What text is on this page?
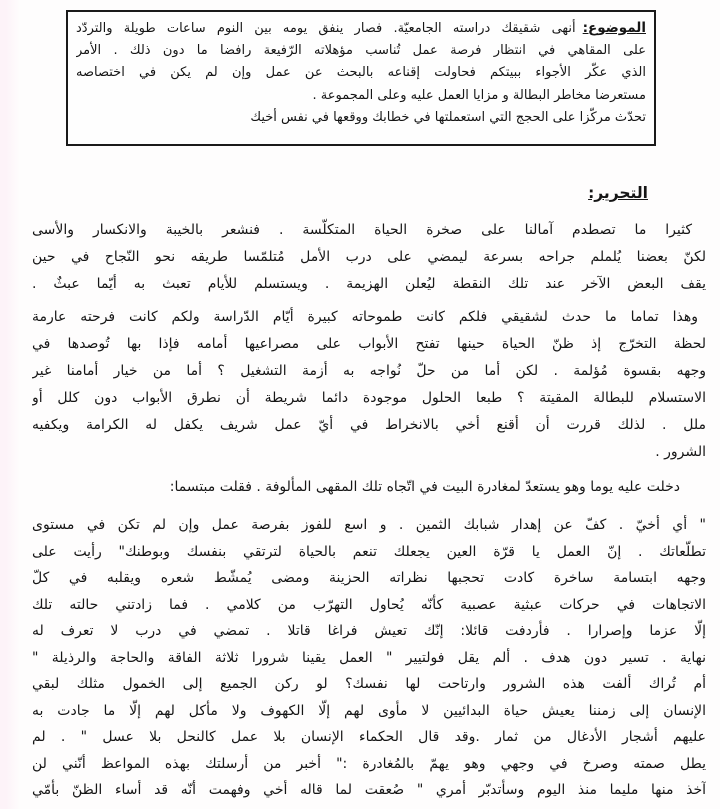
الموضوع:أنهى شقيقك دراسته الجامعيّة. فصار ينفق يومه بين النوم ساعات طويلة والتردّد
على المقاهي في انتظار فرصة عمل تُناسب مؤهلاته الرّفيعة رافضا ما دون ذلك . الأمر
الذي عكّر الأجواء ببيتكم فحاولت إقناعه بالبحث عن عمل وإن لم يكن في اختصاصه
مستعرضا مخاطر البطالة و مزايا العمل عليه وعلى المجموعة .
تحدّث مركّزا على الحجج التي استعملتها في خطابك ووقعها في نفس أخيك
التحرير:
كثيرا ما تصطدم آمالنا على صخرة الحياة المتكلّسة . فنشعر بالخيبة والانكسار والأسى
لكنّ بعضنا يُلملم جراحه بسرعة ليمضي على درب الأمل مُتلمّسا طريقه نحو النّجاح في حين
يقف البعض الآخر عند تلك النقطة ليُعلن الهزيمة . ويستسلم للأيام تعبث به أيّما عبثٌ .
وهذا تماما ما حدث لشقيقي فلكم كانت طموحاته كبيرة أيّام الدّراسة ولكم كانت فرحته عارمة
لحظة التخرّج إذ ظنّ الحياة حينها تفتح الأبواب على مصراعيها أمامه فإذا بها تُوصدها في
وجهه بقسوة مُؤلمة . لكن أما من حلّ نُواجه به أزمة التشغيل ؟ أما من خيار أمامنا غير
الاستسلام للبطالة المقيتة ؟ طبعا الحلول موجودة دائما شريطة أن نطرق الأبواب دون كلل أو
ملل . لذلك قررت أن أقنع أخي بالانخراط في أيّ عمل شريف يكفل له الكرامة ويكفيه
الشرور .
دخلت عليه يوما وهو يستعدّ لمغادرة البيت في اتّجاه تلك المقهى المألوفة . فقلت مبتسما:
" أي أخيّ . كفّ عن إهدار شبابك الثمين . و اسع للفوز بفرصة عمل وإن لم تكن في مستوى
تطلّعاتك . إنّ العمل يا قرّة العين يجعلك تنعم بالحياة لترتقي بنفسك وبوطنك" رأيت على
وجهه ابتسامة ساخرة كادت تحجبها نظراته الحزينة ومضى يُمشّط شعره ويقلبه في كلّ
الاتجاهات في حركات عبثية عصبية كأنّه يُحاول التهرّب من كلامي . فما زادتني حالته تلك
إلّا عزما وإصرارا . فأردفت قائلا: إنّك تعيش فراغا قاتلا . تمضي في درب لا تعرف له
نهاية . تسير دون هدف . ألم يقل فولتيير " العمل يقينا شرورا ثلاثة الفاقة والحاجة والرذيلة "
أم تُراك ألفت هذه الشرور وارتاحت لها نفسك؟ لو ركن الجميع إلى الخمول مثلك لبقي
الإنسان إلى زمننا يعيش حياة البدائيين لا مأوى لهم إلّا الكهوف ولا مأكل لهم إلّا ما جادت به
عليهم أشجار الأدغال من ثمار .وقد قال الحكماء الإنسان بلا عمل كالنحل بلا عسل " . لم
يطل صمته وصرخ في وجهي وهو يهمّ بالمُغادرة :" أخبر من أرسلتك بهذه المواعظ أنّني لن
آخذ منها مليما منذ اليوم وسأتدبّر أمري " صُعقت لما قاله أخي وفهمت أنّه قد أساء الظنّ بأمّي
